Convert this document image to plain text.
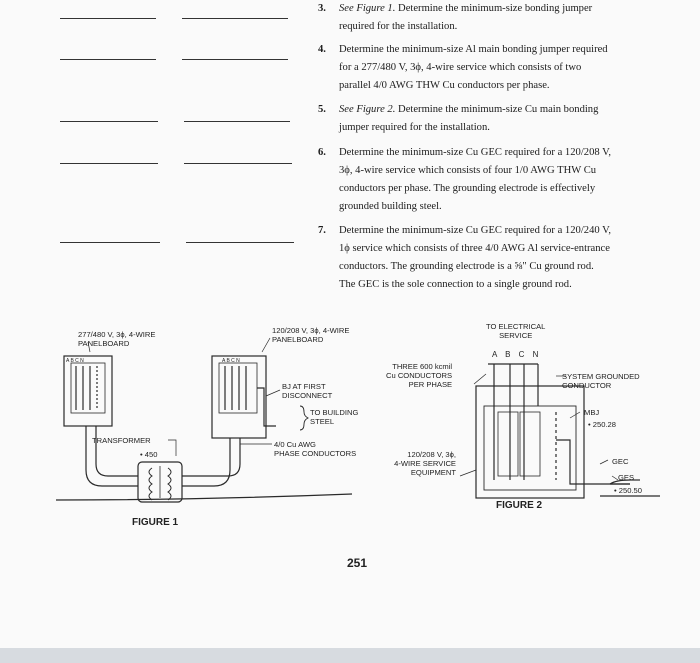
3. See Figure 1. Determine the minimum-size bonding jumper
required for the installation.
4. Determine the minimum-size Al main bonding jumper required
for a 277/480 V, 3ϕ, 4-wire service which consists of two
parallel 4/0 AWG THW Cu conductors per phase.
5. See Figure 2. Determine the minimum-size Cu main bonding
jumper required for the installation.
6. Determine the minimum-size Cu GEC required for a 120/208 V,
3ϕ, 4-wire service which consists of four 1/0 AWG THW Cu
conductors per phase. The grounding electrode is effectively
grounded building steel.
7. Determine the minimum-size Cu GEC required for a 120/240 V,
1ϕ service which consists of three 4/0 AWG Al service-entrance
conductors. The grounding electrode is a ⅝" Cu ground rod.
The GEC is the sole connection to a single ground rod.
277/480 V, 3ϕ, 4-WIRE
PANELBOARD
120/208 V, 3ϕ, 4-WIRE
PANELBOARD
A B C N	A B C N
BJ AT FIRST
DISCONNECT
TO BUILDING
STEEL
4/0 Cu AWG
PHASE CONDUCTORS
TRANSFORMER
• 450
FIGURE 1
TO ELECTRICAL
SERVICE
A B C N
THREE 600 kcmil
Cu CONDUCTORS
PER PHASE
SYSTEM GROUNDED
CONDUCTOR
MBJ
• 250.28
120/208 V, 3ϕ,
4-WIRE SERVICE
EQUIPMENT
GEC
GES
• 250.50
FIGURE 2
251
